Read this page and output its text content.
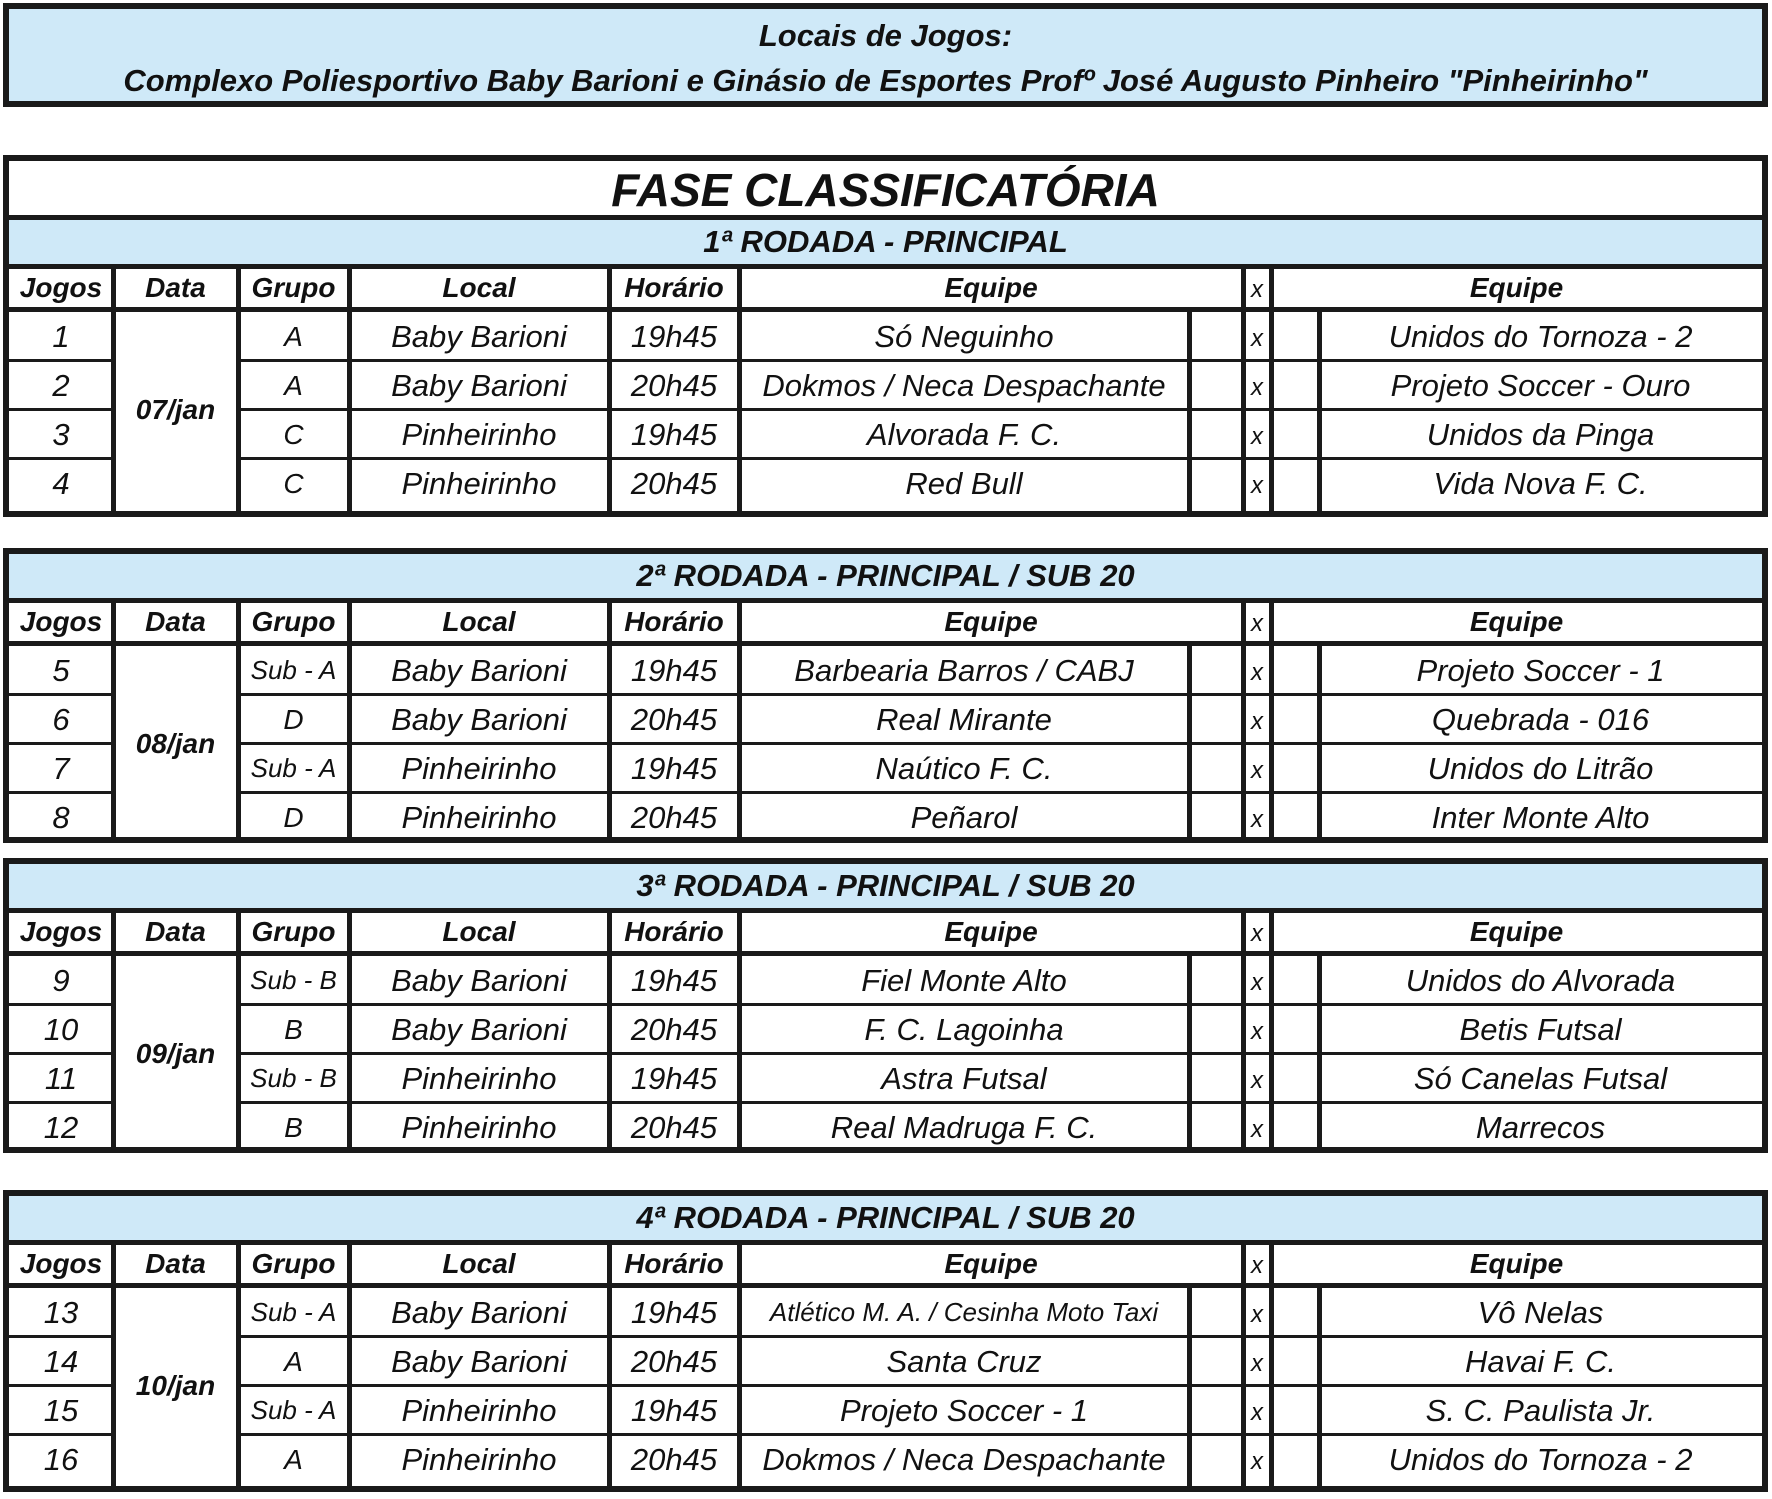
Locais de Jogos:
Complexo Poliesportivo Baby Barioni e Ginásio de Esportes Profº José Augusto Pinheiro "Pinheirinho"
FASE CLASSIFICATÓRIA
1ª RODADA - PRINCIPAL
Jogos	Data	Grupo	Local	Horário	Equipe	x	Equipe
07/jan
1	A	Baby Barioni	19h45	Só Neguinho	x	Unidos do Tornoza - 2
2	A	Baby Barioni	20h45	Dokmos / Neca Despachante	x	Projeto Soccer - Ouro
3	C	Pinheirinho	19h45	Alvorada F. C.	x	Unidos da Pinga
4	C	Pinheirinho	20h45	Red Bull	x	Vida Nova F. C.
2ª RODADA - PRINCIPAL / SUB 20
Jogos	Data	Grupo	Local	Horário	Equipe	x	Equipe
08/jan
5	Sub - A	Baby Barioni	19h45	Barbearia Barros / CABJ	x	Projeto Soccer - 1
6	D	Baby Barioni	20h45	Real Mirante	x	Quebrada - 016
7	Sub - A	Pinheirinho	19h45	Naútico F. C.	x	Unidos do Litrão
8	D	Pinheirinho	20h45	Peñarol	x	Inter Monte Alto
3ª RODADA - PRINCIPAL / SUB 20
Jogos	Data	Grupo	Local	Horário	Equipe	x	Equipe
09/jan
9	Sub - B	Baby Barioni	19h45	Fiel Monte Alto	x	Unidos do Alvorada
10	B	Baby Barioni	20h45	F. C. Lagoinha	x	Betis Futsal
11	Sub - B	Pinheirinho	19h45	Astra Futsal	x	Só Canelas Futsal
12	B	Pinheirinho	20h45	Real Madruga F. C.	x	Marrecos
4ª RODADA - PRINCIPAL / SUB 20
Jogos	Data	Grupo	Local	Horário	Equipe	x	Equipe
10/jan
13	Sub - A	Baby Barioni	19h45	Atlético M. A. / Cesinha Moto Taxi	x	Vô Nelas
14	A	Baby Barioni	20h45	Santa Cruz	x	Havai F. C.
15	Sub - A	Pinheirinho	19h45	Projeto Soccer - 1	x	S. C. Paulista Jr.
16	A	Pinheirinho	20h45	Dokmos / Neca Despachante	x	Unidos do Tornoza - 2
